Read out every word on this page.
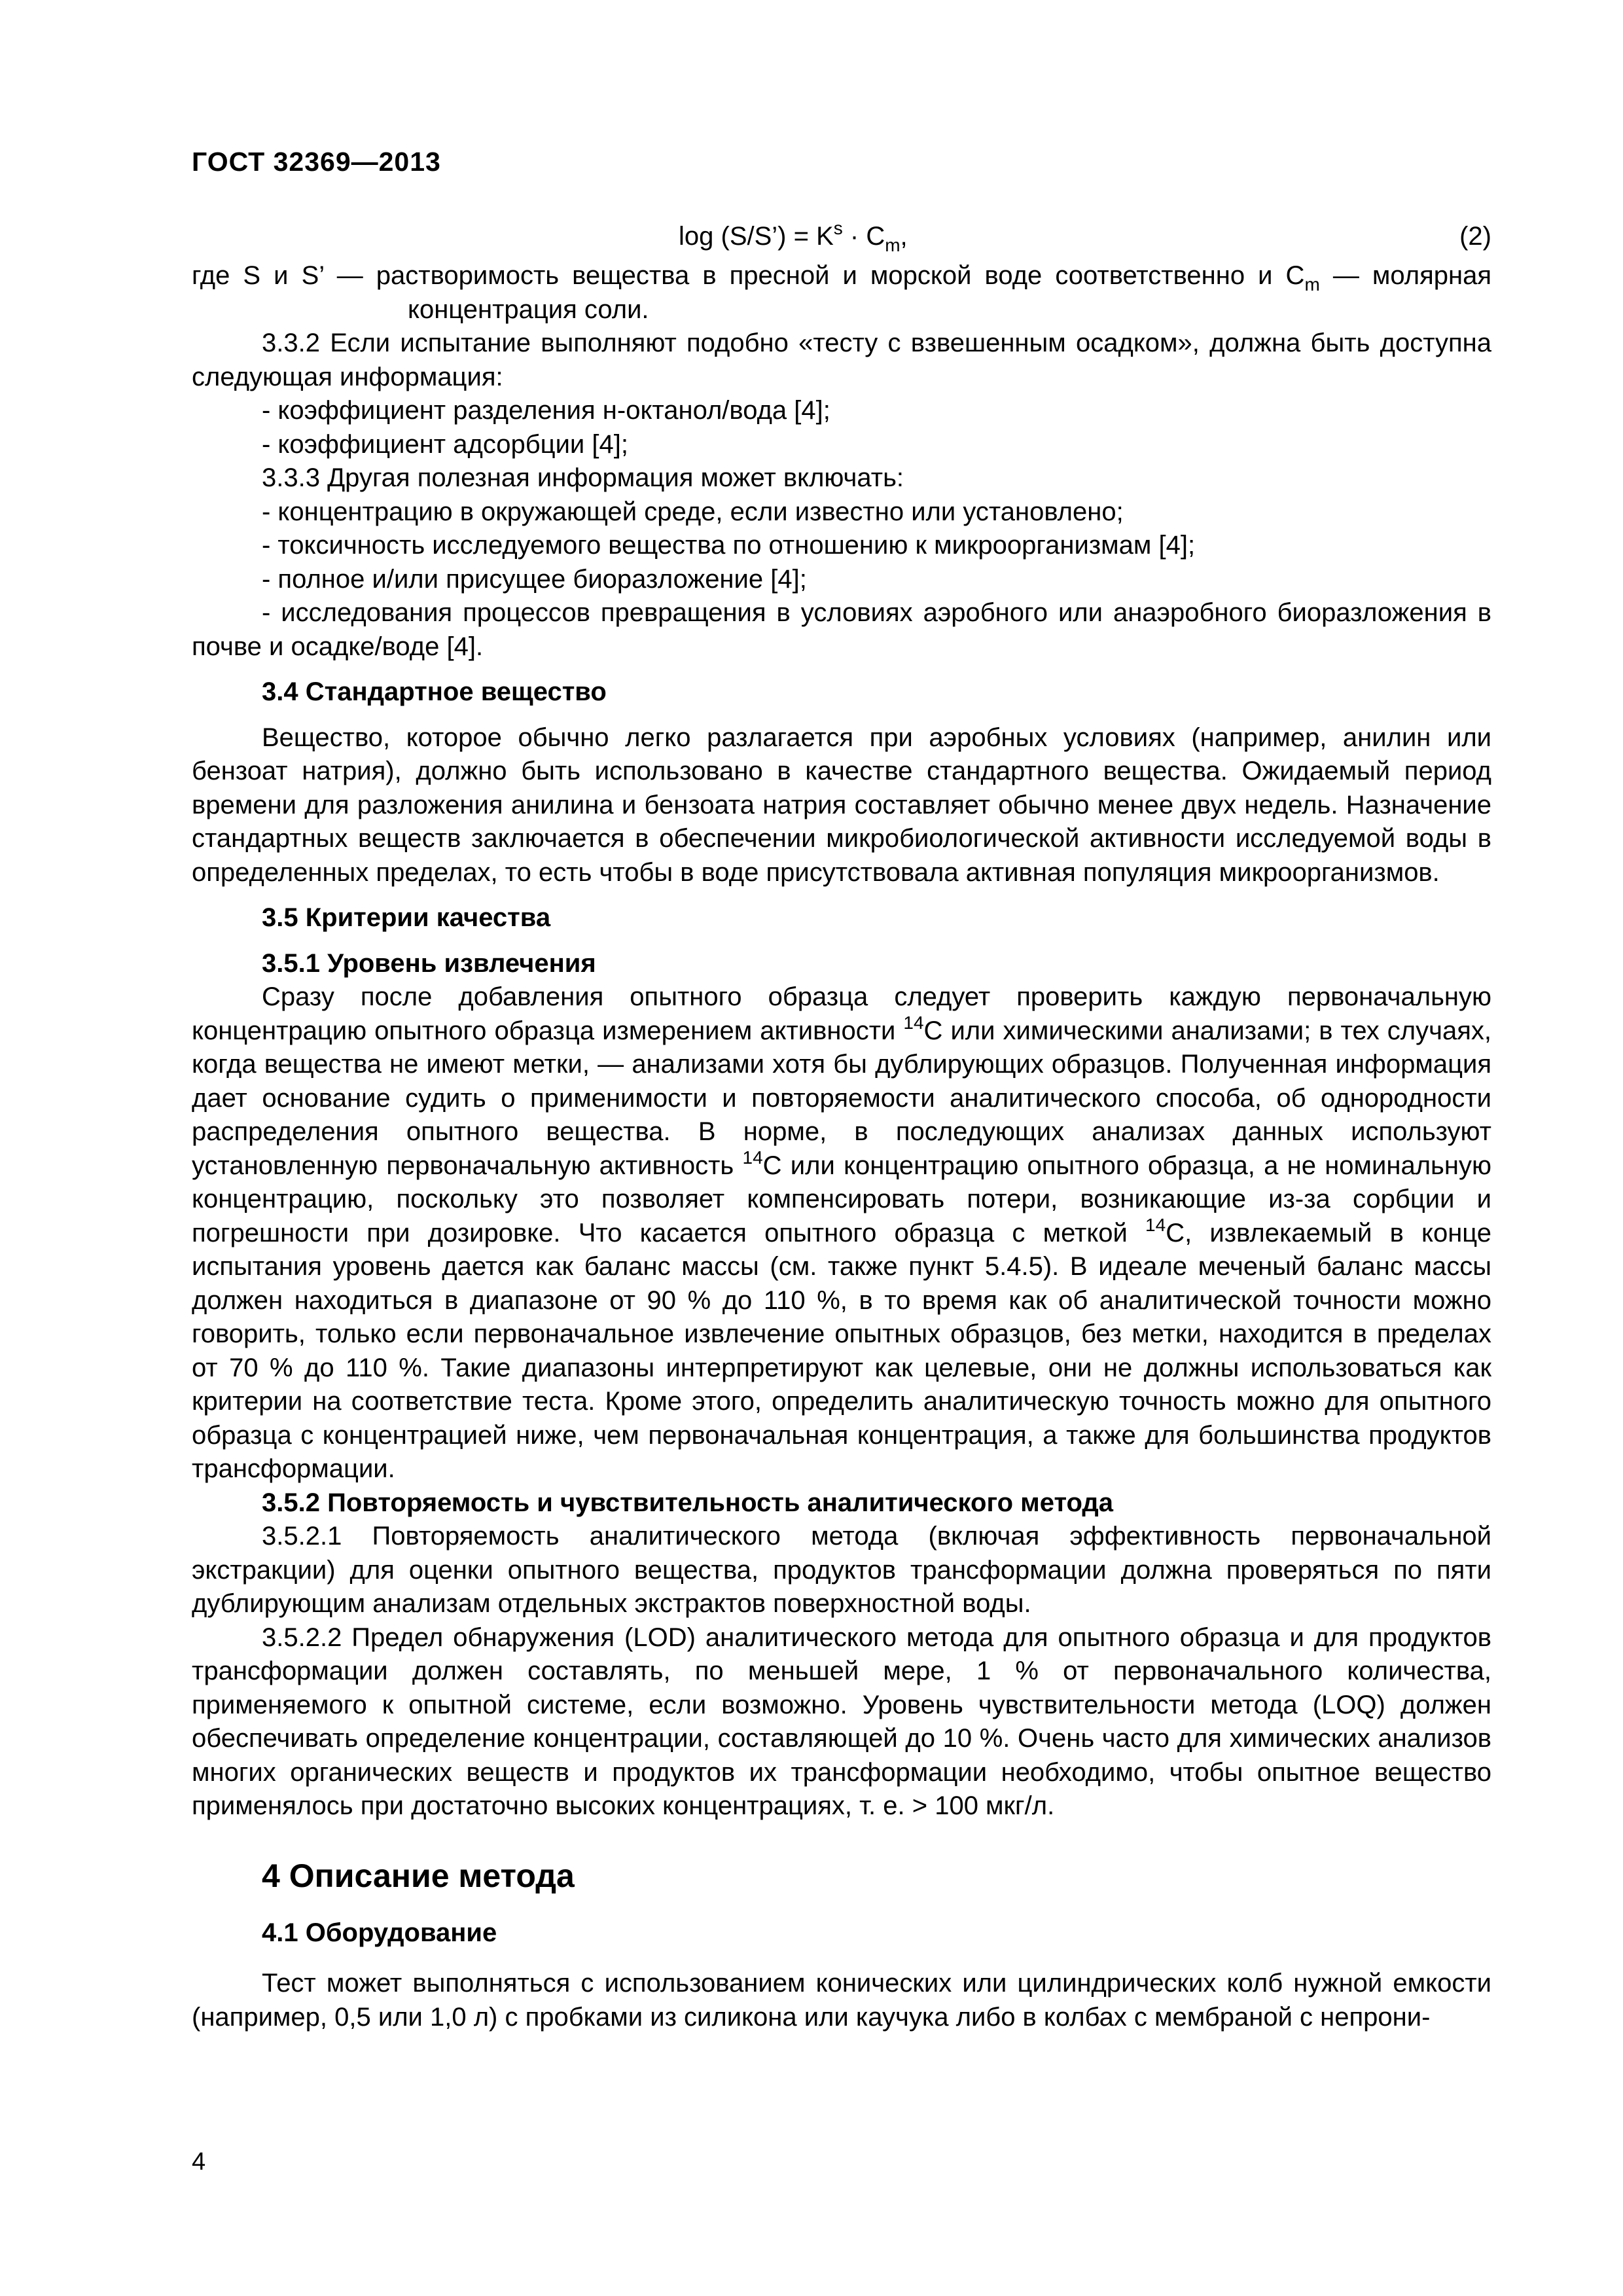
ГОСТ 32369—2013
log (S/S’) = $K^s \cdot C_m$,	(2)

где S и S’ — растворимость вещества в пресной и морской воде соответственно и $C_m$ — молярная концентрация соли.

3.3.2 Если испытание выполняют подобно «тесту с взвешенным осадком», должна быть доступна следующая информация:

- коэффициент разделения н-октанол/вода [4];

- коэффициент адсорбции [4];

3.3.3 Другая полезная информация может включать:

- концентрацию в окружающей среде, если известно или установлено;

- токсичность исследуемого вещества по отношению к микроорганизмам [4];

- полное и/или присущее биоразложение [4];

- исследования процессов превращения в условиях аэробного или анаэробного биоразложения в почве и осадке/воде [4].

3.4 Стандартное вещество

Вещество, которое обычно легко разлагается при аэробных условиях (например, анилин или бензоат натрия), должно быть использовано в качестве стандартного вещества. Ожидаемый период времени для разложения анилина и бензоата натрия составляет обычно менее двух недель. Назначение стандартных веществ заключается в обеспечении микробиологической активности исследуемой воды в определенных пределах, то есть чтобы в воде присутствовала активная популяция микроорганизмов.

3.5 Критерии качества
3.5.1 Уровень извлечения

Сразу после добавления опытного образца следует проверить каждую первоначальную концентрацию опытного образца измерением активности $^{14}$C или химическими анализами; в тех случаях, когда вещества не имеют метки, — анализами хотя бы дублирующих образцов. Полученная информация дает основание судить о применимости и повторяемости аналитического способа, об однородности распределения опытного вещества. В норме, в последующих анализах данных используют установленную первоначальную активность $^{14}$C или концентрацию опытного образца, а не номинальную концентрацию, поскольку это позволяет компенсировать потери, возникающие из-за сорбции и погрешности при дозировке. Что касается опытного образца с меткой $^{14}$C, извлекаемый в конце испытания уровень дается как баланс массы (см. также пункт 5.4.5). В идеале меченый баланс массы должен находиться в диапазоне от 90 % до 110 %, в то время как об аналитической точности можно говорить, только если первоначальное извлечение опытных образцов, без метки, находится в пределах от 70 % до 110 %. Такие диапазоны интерпретируют как целевые, они не должны использоваться как критерии на соответствие теста. Кроме этого, определить аналитическую точность можно для опытного образца с концентрацией ниже, чем первоначальная концентрация, а также для большинства продуктов трансформации.

3.5.2 Повторяемость и чувствительность аналитического метода

3.5.2.1 Повторяемость аналитического метода (включая эффективность первоначальной экстракции) для оценки опытного вещества, продуктов трансформации должна проверяться по пяти дублирующим анализам отдельных экстрактов поверхностной воды.

3.5.2.2 Предел обнаружения (LOD) аналитического метода для опытного образца и для продуктов трансформации должен составлять, по меньшей мере, 1 % от первоначального количества, применяемого к опытной системе, если возможно. Уровень чувствительности метода (LOQ) должен обеспечивать определение концентрации, составляющей до 10 %. Очень часто для химических анализов многих органических веществ и продуктов их трансформации необходимо, чтобы опытное вещество применялось при достаточно высоких концентрациях, т. е. > 100 мкг/л.

4 Описание метода
4.1 Оборудование

Тест может выполняться с использованием конических или цилиндрических колб нужной емкости (например, 0,5 или 1,0 л) с пробками из силикона или каучука либо в колбах с мембраной с непрони-

4
